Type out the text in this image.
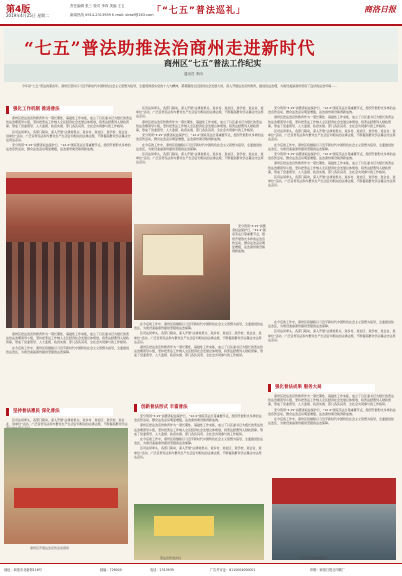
第4版
2019年4月25日 星期二
责任编辑 张三 校对 李四 美编 王五
新闻热线 0914-2313939 E-mail: slrbzf@163.com
「“七五”普法巡礼」	商洛日报
“七五”普法助推法治商州走进新时代
商州区“七五”普法工作纪实
通讯员 李四
今年是“七五”普法的第四年。商州区坚持以习近平新时代中国特色社会主义思想为指导，全面贯彻落实党的十九大精神，紧紧围绕全区经济社会发展大局，深入开展法治宣传教育，推进依法治理，为建设美丽商州营造了良好的法治环境……
强化工作机制 推进普法

商州区把法治宣传教育作为一项长期性、基础性工作来抓，成立了以区委书记为组长的普法依法治理领导小组，坚持把普法工作纳入全区经济社会发展总体规划，将普法经费列入财政预算，形成了党委领导、人大监督、政府实施、部门各负其责、全社会共同参与的工作格局。

区司法局牵头，各部门联动，深入开展“法律进机关、进乡村、进社区、进学校、进企业、进单位”活动，广泛宣传宪法和与群众生产生活密切相关的法律法规，不断提高群众学法尊法守法用法意识。

充分利用“3·15”消费者权益保护日、“12·4”国家宪法日等重要节点，组织开展形式多样的法治宣传活动，群众法治意识明显增强，法治商州建设取得新成效。

区司法局牵头，各部门联动，深入开展“法律进机关、进乡村、进社区、进学校、进企业、进单位”活动，广泛宣传宪法和与群众生产生活密切相关的法律法规，不断提高群众学法尊法守法用法意识。

商州区把法治宣传教育作为一项长期性、基础性工作来抓，成立了以区委书记为组长的普法依法治理领导小组，坚持把普法工作纳入全区经济社会发展总体规划，将普法经费列入财政预算，形成了党委领导、人大监督、政府实施、部门各负其责、全社会共同参与的工作格局。

充分利用“3·15”消费者权益保护日、“12·4”国家宪法日等重要节点，组织开展形式多样的法治宣传活动，群众法治意识明显增强，法治商州建设取得新成效。

在今后的工作中，商州区将继续以习近平新时代中国特色社会主义思想为指导，全面推进依法治区，为建设美丽商州提供坚强的法治保障。

区司法局牵头，各部门联动，深入开展“法律进机关、进乡村、进社区、进学校、进企业、进单位”活动，广泛宣传宪法和与群众生产生活密切相关的法律法规，不断提高群众学法尊法守法用法意识。

充分利用“3·15”消费者权益保护日、“12·4”国家宪法日等重要节点，组织开展形式多样的法治宣传活动，群众法治意识明显增强，法治商州建设取得新成效。

商州区把法治宣传教育作为一项长期性、基础性工作来抓，成立了以区委书记为组长的普法依法治理领导小组，坚持把普法工作纳入全区经济社会发展总体规划，将普法经费列入财政预算，形成了党委领导、人大监督、政府实施、部门各负其责、全社会共同参与的工作格局。

区司法局牵头，各部门联动，深入开展“法律进机关、进乡村、进社区、进学校、进企业、进单位”活动，广泛宣传宪法和与群众生产生活密切相关的法律法规，不断提高群众学法尊法守法用法意识。

在今后的工作中，商州区将继续以习近平新时代中国特色社会主义思想为指导，全面推进依法治区，为建设美丽商州提供坚强的法治保障。

充分利用“3·15”消费者权益保护日、“12·4”国家宪法日等重要节点，组织开展形式多样的法治宣传活动，群众法治意识明显增强，法治商州建设取得新成效。

商州区把法治宣传教育作为一项长期性、基础性工作来抓，成立了以区委书记为组长的普法依法治理领导小组，坚持把普法工作纳入全区经济社会发展总体规划，将普法经费列入财政预算，形成了党委领导、人大监督、政府实施、部门各负其责、全社会共同参与的工作格局。

区司法局牵头，各部门联动，深入开展“法律进机关、进乡村、进社区、进学校、进企业、进单位”活动，广泛宣传宪法和与群众生产生活密切相关的法律法规，不断提高群众学法尊法守法用法意识。

在今后的工作中，商州区将继续以习近平新时代中国特色社会主义思想为指导，全面推进依法治区，为建设美丽商州提供坚强的法治保障。

区司法局牵头，各部门联动，深入开展“法律进机关、进乡村、进社区、进学校、进企业、进单位”活动，广泛宣传宪法和与群众生产生活密切相关的法律法规，不断提高群众学法尊法守法用法意识。

商州区把法治宣传教育作为一项长期性、基础性工作来抓，成立了以区委书记为组长的普法依法治理领导小组，坚持把普法工作纳入全区经济社会发展总体规划，将普法经费列入财政预算，形成了党委领导、人大监督、政府实施、部门各负其责、全社会共同参与的工作格局。

充分利用“3·15”消费者权益保护日、“12·4”国家宪法日等重要节点，组织开展形式多样的法治宣传活动，群众法治意识明显增强，法治商州建设取得新成效。

商州区把法治宣传教育作为一项长期性、基础性工作来抓，成立了以区委书记为组长的普法依法治理领导小组，坚持把普法工作纳入全区经济社会发展总体规划，将普法经费列入财政预算，形成了党委领导、人大监督、政府实施、部门各负其责、全社会共同参与的工作格局。

在今后的工作中，商州区将继续以习近平新时代中国特色社会主义思想为指导，全面推进依法治区，为建设美丽商州提供坚强的法治保障。

坚持普法惠民 深化普法

区司法局牵头，各部门联动，深入开展“法律进机关、进乡村、进社区、进学校、进企业、进单位”活动，广泛宣传宪法和与群众生产生活密切相关的法律法规，不断提高群众学法

商州区开展法治宣传活动现场
创新普法形式 丰富普法

充分利用“3·15”消费者权益保护日、“12·4”国家宪法日等重要节点，组织开展形式多样的法治宣传活动，群众法治意识明显增强，法治商州建设取得新成效。

商州区把法治宣传教育作为一项长期性、基础性工作来抓，成立了以区委书记为组长的普法依法治理领导小组，坚持把普法工作纳入全区经济社会发展总体规划，将普法经费列入财政预算，形成了党委领导、人大监督、政府实施、部门各负其责、全社会共同参与的工作格局。

在今后的工作中，商州区将继续以习近平新时代中国特色社会主义思想为指导，全面推进依法治区，为建设美丽商州提供坚强的法治保障。

区司法局牵头，各部门联动，深入开展“法律进机关、进乡村、进社区、进学校、进企业、进单位”活动，广泛宣传宪法和与群众生产生活密切相关的法律法规，不断提高群众学法尊法守法用法意识。

普法宣传进乡村

在今后的工作中，商州区将继续以习近平新时代中国特色社会主义思想为指导，全面推进依法治区，为建设美丽商州提供坚强的法治保障。

区司法局牵头，各部门联动，深入开展“法律进机关、进乡村、进社区、进学校、进企业、进单位”活动，广泛宣传宪法和与群众生产生活密切相关的法律法规，不断提高群众学法尊法守法用法意识。

强化普法成果 服务大局

商州区把法治宣传教育作为一项长期性、基础性工作来抓，成立了以区委书记为组长的普法依法治理领导小组，坚持把普法工作纳入全区经济社会发展总体规划，将普法经费列入财政预算，形成了党委领导、人大监督、政府实施、部门各负其责、全社会共同参与的工作格局。

充分利用“3·15”消费者权益保护日、“12·4”国家宪法日等重要节点，组织开展形式多样的法治宣传活动，群众法治意识明显增强，法治商州建设取得新成效。

在今后的工作中，商州区将继续以习近平新时代中国特色社会主义思想为指导，全面推进依法治区，为建设美丽商州提供坚强的法治保障。

法治文艺演出进社区
地址：商洛市北新街116号	邮编：726000	电话：2313939	广告许可证：6110004000001	印刷：商洛日报社印刷厂
